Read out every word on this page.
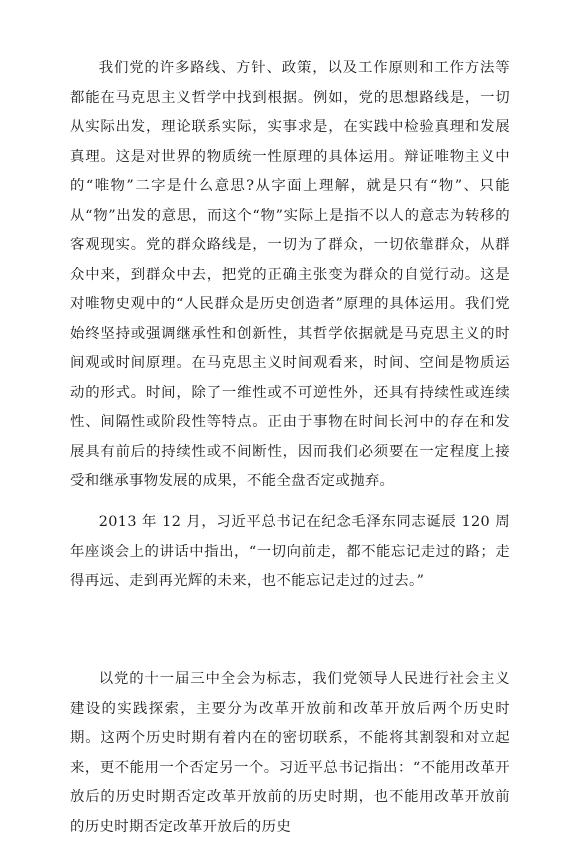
我们党的许多路线、方针、政策，以及工作原则和工作方法等都能在马克思主义哲学中找到根据。例如，党的思想路线是，一切从实际出发，理论联系实际，实事求是，在实践中检验真理和发展真理。这是对世界的物质统一性原理的具体运用。辩证唯物主义中的“唯物”二字是什么意思?从字面上理解，就是只有“物”、只能从“物”出发的意思，而这个“物”实际上是指不以人的意志为转移的客观现实。党的群众路线是，一切为了群众，一切依靠群众，从群众中来，到群众中去，把党的正确主张变为群众的自觉行动。这是对唯物史观中的“人民群众是历史创造者”原理的具体运用。我们党始终坚持或强调继承性和创新性，其哲学依据就是马克思主义的时间观或时间原理。在马克思主义时间观看来，时间、空间是物质运动的形式。时间，除了一维性或不可逆性外，还具有持续性或连续性、间隔性或阶段性等特点。正由于事物在时间长河中的存在和发展具有前后的持续性或不间断性，因而我们必须要在一定程度上接受和继承事物发展的成果，不能全盘否定或抛弃。

2013 年 12 月，习近平总书记在纪念毛泽东同志诞辰 120 周年座谈会上的讲话中指出，“一切向前走，都不能忘记走过的路；走得再远、走到再光辉的未来，也不能忘记走过的过去。”

以党的十一届三中全会为标志，我们党领导人民进行社会主义建设的实践探索，主要分为改革开放前和改革开放后两个历史时期。这两个历史时期有着内在的密切联系，不能将其割裂和对立起来，更不能用一个否定另一个。习近平总书记指出：“不能用改革开放后的历史时期否定改革开放前的历史时期，也不能用改革开放前的历史时期否定改革开放后的历史
